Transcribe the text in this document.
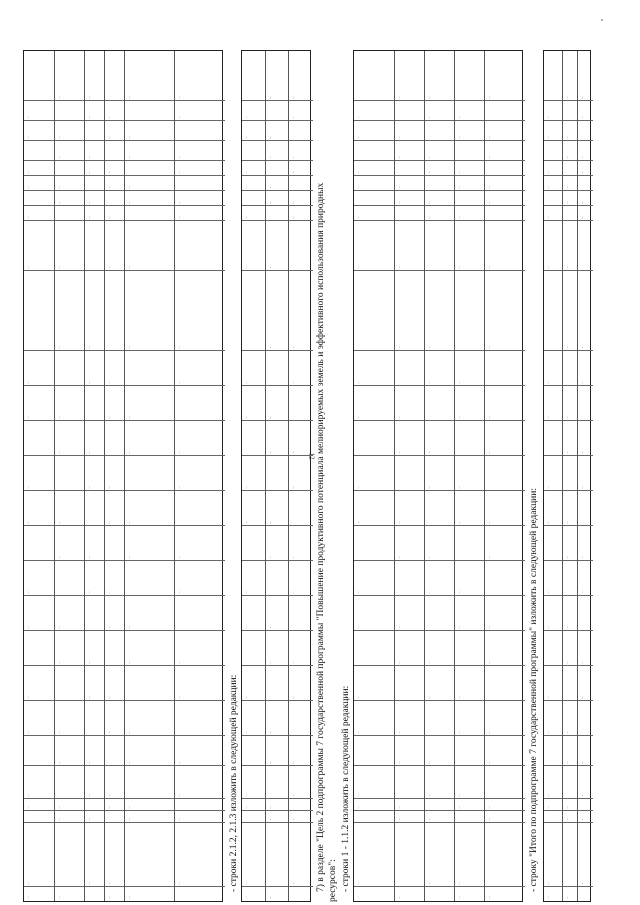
12
…
…
…
…
…
…
…
…
…
…
…
…
…
…
…
…
…
…
…
…
…
…
…
…
…
…
…
…
…
…
…
…
…
…
…
…
…
…
…
…
…
…
…
…
…
…
…
…
…
…
…
…
…
…
…
…
…
…
…
…
…
…
…
…
…
…
…
…
…
…
…
…
…
…
…
…
…
…
…
…
…
…
…
…
…
…
…
…
…
…
…
…
…
…
…
…
…
…
…
…
…
…
…
…
…
…
…
…
- строки 2.1.2, 2.1.3 изложить в следующей редакции:
…
…
…
…
…
…
…
…
…
…
…
…
…
…
…
…
…
…
…
…
…
…
…
…
…
…
…
…
…
…
…
…
…
…
…
…
…
…
…
…
…
…
…
…
…
…
…
…
…
…
…
…
…
…
7) в разделе "Цель 2 подпрограммы 7 государственной программы "Повышение продуктивного потенциала мелиорируемых земель и эффективного использования природных ресурсов": - строки 1 - 1.1.2 изложить в следующей редакции:
…
…
…
…
…
…
…
…
…
…
…
…
…
…
…
…
…
…
…
…
…
…
…
…
…
…
…
…
…
…
…
…
…
…
…
…
…
…
…
…
…
…
…
…
…
…
…
…
…
…
…
…
…
…
…
…
…
…
…
…
…
…
…
…
…
…
…
…
…
…
…
…
…
…
…
…
…
…
…
…
…
…
…
…
…
…
…
…
…
…
- строку "Итого по подпрограмме 7 государственной программы" изложить в следующей редакции:
…
…
…
…
…
…
…
…
…
…
…
…
…
…
…
…
…
…
…
…
…
…
…
…
…
…
…
…
…
…
…
…
…
…
…
…
…
…
…
…
…
…
…
…
…
…
…
…
…
…
…
…
…
…
